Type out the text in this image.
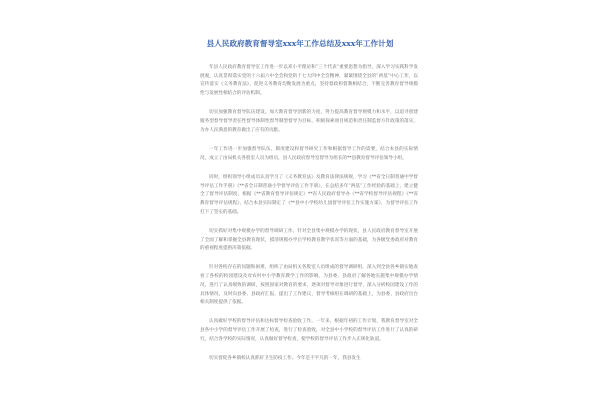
县人民政府教育督导室xxx年工作总结及xxx年工作计划

年县人民政府教育督导室工作进一步以邓小平理论和“三个代表”重要思想为指导，深入学习实践科学发展观，认真贯彻落实党的十六届六中全会和党的十七大四中全会精神，紧紧围绕全县的“两基”中心工作，以宣传落实《义务教育法》，促进义务教育均衡发展为重点，坚持督政和督教相结合，不断完善教育督导规模性与发展性相结合的评估机制。

切实加强教育督导队伍建设。加大教育督导创新的力度，努力提高教育督导规模力和水平，以追寻创建服务型督导督导责任性督导体制性督导制型督导为目标，积极探索项目规范和责任制监督方针政策的落实，为办人民满意的教育做出了应有的贡献。

一年工作进一步加强督导队伍，制度建设和督导研究工作和根据督导工作的需要，结合本县的实际情况，成立了由局机关各股室人员为组员，县人民政府督导室督导为组长的**县教育督导评估领导小组。

同时，组织领导小组成员认真学习了《义务教育法》及教育法律法规规，学习《**省全日制普通中学督导评估工作手册》《**省全日制普通小学督导评估工作手册》，在总结多年“两基”工作经验的基础上，建立健全了督导评估制度，根据《**省教育督导评估规定》**省人民政府督导办《**省学校督导评估规程》《**省教育督导评估规程》，结合本县实际制定了《**县中小学校幼儿园督导评估工作实施方案》，为督导评估工作打下了坚实的基础。

切实抓好对集中规模办学的督导调研工作。针对全县集中规模办学的现状，县人民政府教育督导室开展了全面了解和掌握全县教育现状，摸清规模办学后学校教育教学状况等方面的基础，为各级党委政府对教育的重视程度提供决策依据。

针对各校存在的问题和困难，组织了由局机关各股室人员组成的督导调研组，深入到全县各乡镇实地查看了各校的校园建设及对农村中小学教育教学工作的影响，为县委、县政府了解各地实施集中规模办学情况，进行了认真细致的调研，按照国家对教育的要求，逐项对督导对象进行督导，深入分析校园建设工作的具体情况，及时向县委、县政府汇报，提出了工作建议，督导考核组在调研的基础上，为县委、县政府出台相关制度提供了依据。

认真做好学校的督导评估和达标督导检查验收工作。一年来，根据年初的工作计划，我教育督导室对全县各中小学的督导评估工作开展了检查，进行了检查验收，对全县中小学校的督导评估工作进行了认真的研究，结合各学校的实际情况，认真做好督导检查，使学校的督导评估工作步入正规化轨道。

切实督促各乡镇校认真抓好卫生防疫工作。今年是不平凡的一年，我县发生
